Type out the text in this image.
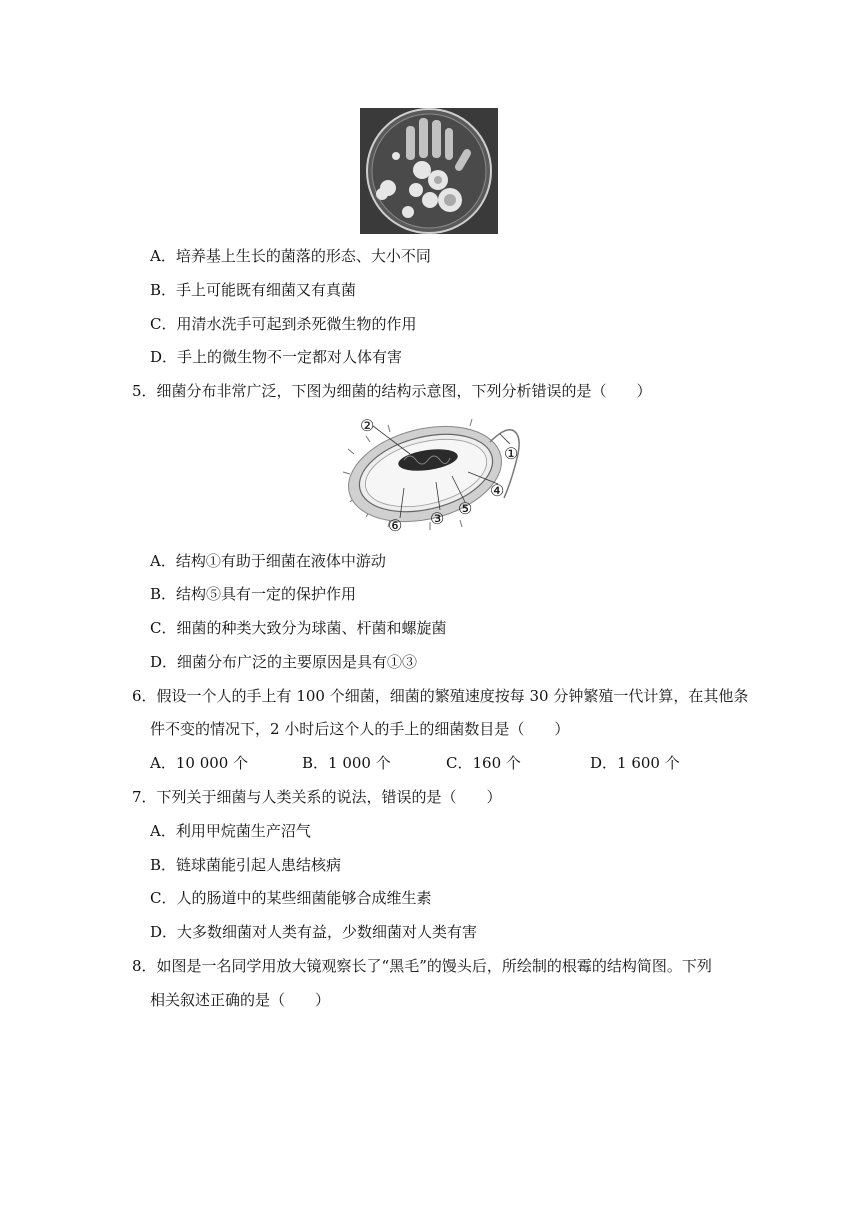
A．培养基上生长的菌落的形态、大小不同
B．手上可能既有细菌又有真菌
C．用清水洗手可起到杀死微生物的作用
D．手上的微生物不一定都对人体有害
5．细菌分布非常广泛，下图为细菌的结构示意图，下列分析错误的是（　　）
②
①
④
⑤
③
⑥
A．结构①有助于细菌在液体中游动
B．结构⑤具有一定的保护作用
C．细菌的种类大致分为球菌、杆菌和螺旋菌
D．细菌分布广泛的主要原因是具有①③
6．假设一个人的手上有 100 个细菌，细菌的繁殖速度按每 30 分钟繁殖一代计算，在其他条
件不变的情况下，2 小时后这个人的手上的细菌数目是（　　）
A．10 000 个	B．1 000 个	C．160 个	D．1 600 个
7．下列关于细菌与人类关系的说法，错误的是（　　）
A．利用甲烷菌生产沼气
B．链球菌能引起人患结核病
C．人的肠道中的某些细菌能够合成维生素
D．大多数细菌对人类有益，少数细菌对人类有害
8．如图是一名同学用放大镜观察长了“黑毛”的馒头后，所绘制的根霉的结构简图。下列
相关叙述正确的是（　　）
